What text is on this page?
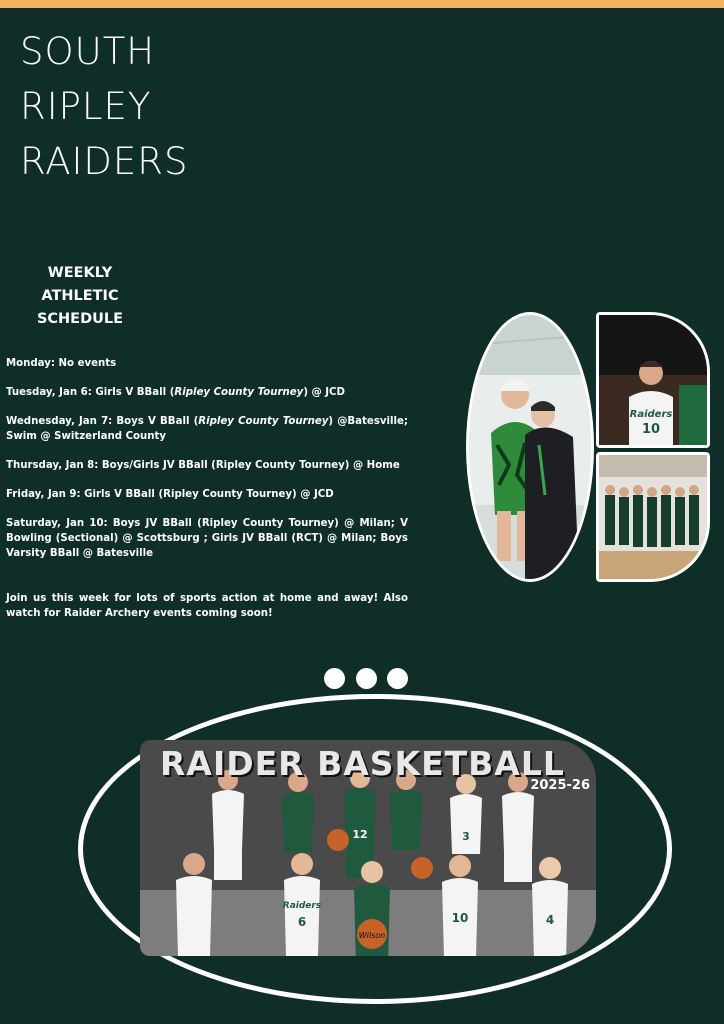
SOUTH
RIPLEY
RAIDERS
WEEKLY
ATHLETIC
SCHEDULE

Monday: No events

Tuesday, Jan 6: Girls V BBall (Ripley County Tourney) @ JCD

Wednesday, Jan 7: Boys V BBall (Ripley County Tourney) @Batesville; Swim @ Switzerland County

Thursday, Jan 8: Boys/Girls JV BBall (Ripley County Tourney) @ Home

Friday, Jan 9: Girls V BBall (Ripley County Tourney) @ JCD

Saturday, Jan 10: Boys JV BBall (Ripley County Tourney) @ Milan; V Bowling (Sectional) @ Scottsburg ; Girls JV BBall (RCT) @ Milan; Boys Varsity BBall @ Batesville

Join us this week for lots of sports action at home and away! Also watch for Raider Archery events coming soon!

Raiders
10
Raiders
6
Wilson
10	4
12	3
RAIDER BASKETBALL
2025-26
